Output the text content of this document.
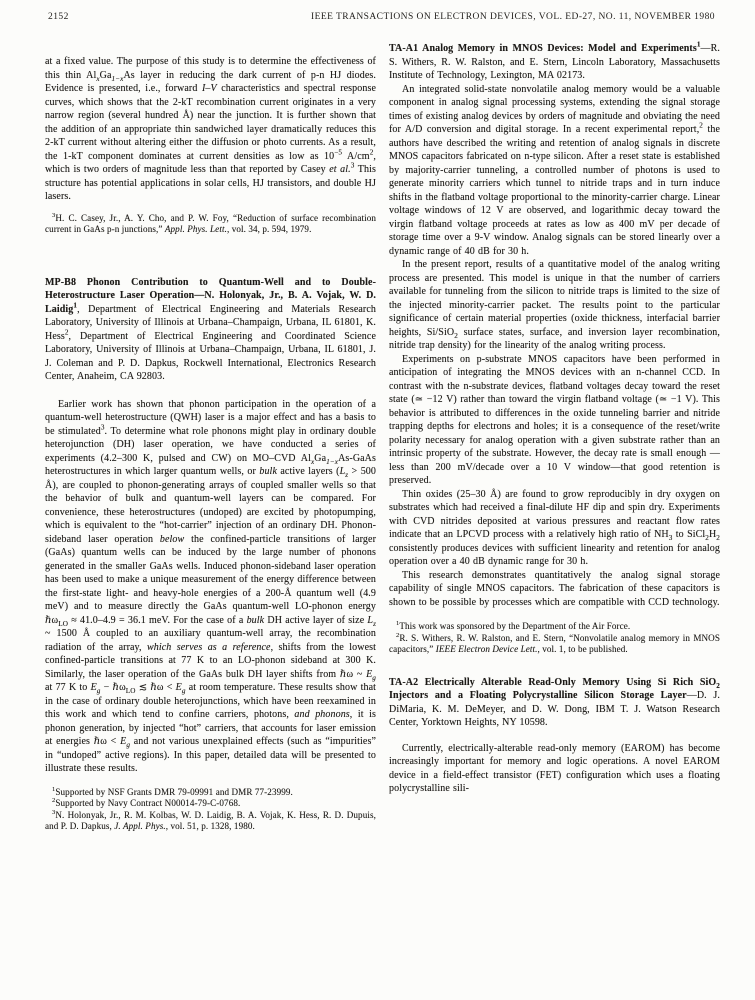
2152	IEEE TRANSACTIONS ON ELECTRON DEVICES, VOL. ED-27, NO. 11, NOVEMBER 1980

at a fixed value. The purpose of this study is to determine the effectiveness of this thin $Al_xGa_{1-x}As$ layer in reducing the dark current of p-n HJ diodes. Evidence is presented, i.e., forward I–V characteristics and spectral response curves, which shows that the 2-kT recombination current originates in a very narrow region (several hundred Å) near the junction. It is further shown that the addition of an appropriate thin sandwiched layer dramatically reduces this 2-kT current without altering either the diffusion or photo currents. As a result, the 1-kT component dominates at current densities as low as $10^{-5}$ $A/cm^2$, which is two orders of magnitude less than that reported by Casey et al.$^3$ This structure has potential applications in solar cells, HJ transistors, and double HJ lasers.

$^3$H. C. Casey, Jr., A. Y. Cho, and P. W. Foy, “Reduction of surface recombination current in GaAs p-n junctions,” Appl. Phys. Lett., vol. 34, p. 594, 1979.

MP-B8 Phonon Contribution to Quantum-Well and to Double-Heterostructure Laser Operation—N. Holonyak, Jr., B. A. Vojak, W. D. Laidig$^1$, Department of Electrical Engineering and Materials Research Laboratory, University of Illinois at Urbana–Champaign, Urbana, IL 61801, K. Hess$^2$, Department of Electrical Engineering and Coordinated Science Laboratory, University of Illinois at Urbana–Champaign, Urbana, IL 61801, J. J. Coleman and P. D. Dapkus, Rockwell International, Electronics Research Center, Anaheim, CA 92803.

Earlier work has shown that phonon participation in the operation of a quantum-well heterostructure (QWH) laser is a major effect and has a basis to be stimulated$^3$. To determine what role phonons might play in ordinary double heterojunction (DH) laser operation, we have conducted a series of experiments (4.2–300 K, pulsed and CW) on MO–CVD $Al_xGa_{1-x}As$-GaAs heterostructures in which larger quantum wells, or bulk active layers ($L_z > 500$ Å), are coupled to phonon-generating arrays of coupled smaller wells so that the behavior of bulk and quantum-well layers can be compared. For convenience, these heterostructures (undoped) are excited by photopumping, which is equivalent to the “hot-carrier” injection of an ordinary DH. Phonon-sideband laser operation below the confined-particle transitions of larger (GaAs) quantum wells can be induced by the large number of phonons generated in the smaller GaAs wells. Induced phonon-sideband laser operation has been used to make a unique measurement of the energy difference between the first-state light- and heavy-hole energies of a 200-Å quantum well (4.9 meV) and to measure directly the GaAs quantum-well LO-phonon energy ℏω$_{LO}$ ≈ 41.0–4.9 = 36.1 meV. For the case of a bulk DH active layer of size $L_z$ ~ 1500 Å coupled to an auxiliary quantum-well array, the recombination radiation of the array, which serves as a reference, shifts from the lowest confined-particle transitions at 77 K to an LO-phonon sideband at 300 K. Similarly, the laser operation of the GaAs bulk DH layer shifts from ℏω ~ $E_g$ at 77 K to $E_g$ − ℏω$_{LO}$ ≲ ℏω < $E_g$ at room temperature. These results show that in the case of ordinary double heterojunctions, which have been reexamined in this work and which tend to confine carriers, photons, and phonons, it is phonon generation, by injected “hot” carriers, that accounts for laser emission at energies ℏω < $E_g$ and not various unexplained effects (such as “impurities” in “undoped” active regions). In this paper, detailed data will be presented to illustrate these results.

$^1$Supported by NSF Grants DMR 79-09991 and DMR 77-23999.

$^2$Supported by Navy Contract N00014-79-C-0768.

$^3$N. Holonyak, Jr., R. M. Kolbas, W. D. Laidig, B. A. Vojak, K. Hess, R. D. Dupuis, and P. D. Dapkus, J. Appl. Phys., vol. 51, p. 1328, 1980.

TA-A1 Analog Memory in MNOS Devices: Model and Experiments$^1$—R. S. Withers, R. W. Ralston, and E. Stern, Lincoln Laboratory, Massachusetts Institute of Technology, Lexington, MA 02173.

An integrated solid-state nonvolatile analog memory would be a valuable component in analog signal processing systems, extending the signal storage times of existing analog devices by orders of magnitude and obviating the need for A/D conversion and digital storage. In a recent experimental report,$^2$ the authors have described the writing and retention of analog signals in discrete MNOS capacitors fabricated on n-type silicon. After a reset state is established by majority-carrier tunneling, a controlled number of photons is used to generate minority carriers which tunnel to nitride traps and in turn induce shifts in the flatband voltage proportional to the minority-carrier charge. Linear voltage windows of 12 V are observed, and logarithmic decay toward the virgin flatband voltage proceeds at rates as low as 400 mV per decade of storage time over a 9-V window. Analog signals can be stored linearly over a dynamic range of 40 dB for 30 h.

In the present report, results of a quantitative model of the analog writing process are presented. This model is unique in that the number of carriers available for tunneling from the silicon to nitride traps is limited to the size of the injected minority-carrier packet. The results point to the particular significance of certain material properties (oxide thickness, interfacial barrier heights, Si/SiO$_2$ surface states, surface, and inversion layer recombination, nitride trap density) for the linearity of the analog writing process.

Experiments on p-substrate MNOS capacitors have been performed in anticipation of integrating the MNOS devices with an n-channel CCD. In contrast with the n-substrate devices, flatband voltages decay toward the reset state (≃ −12 V) rather than toward the virgin flatband voltage (≃ −1 V). This behavior is attributed to differences in the oxide tunneling barrier and nitride trapping depths for electrons and holes; it is a consequence of the reset/write polarity necessary for analog operation with a given substrate rather than an intrinsic property of the substrate. However, the decay rate is small enough —less than 200 mV/decade over a 10 V window—that good retention is preserved.

Thin oxides (25–30 Å) are found to grow reproducibly in dry oxygen on substrates which had received a final-dilute HF dip and spin dry. Experiments with CVD nitrides deposited at various pressures and reactant flow rates indicate that an LPCVD process with a relatively high ratio of $NH_3$ to $SiCl_2H_2$ consistently produces devices with sufficient linearity and retention for analog operation over a 40 dB dynamic range for 30 h.

This research demonstrates quantitatively the analog signal storage capability of single MNOS capacitors. The fabrication of these capacitors is shown to be possible by processes which are compatible with CCD technology.

$^1$This work was sponsored by the Department of the Air Force.

$^2$R. S. Withers, R. W. Ralston, and E. Stern, “Nonvolatile analog memory in MNOS capacitors,” IEEE Electron Device Lett., vol. 1, to be published.

TA-A2 Electrically Alterable Read-Only Memory Using Si Rich SiO$_2$ Injectors and a Floating Polycrystalline Silicon Storage Layer—D. J. DiMaria, K. M. DeMeyer, and D. W. Dong, IBM T. J. Watson Research Center, Yorktown Heights, NY 10598.

Currently, electrically-alterable read-only memory (EAROM) has become increasingly important for memory and logic operations. A novel EAROM device in a field-effect transistor (FET) configuration which uses a floating polycrystalline sili-
